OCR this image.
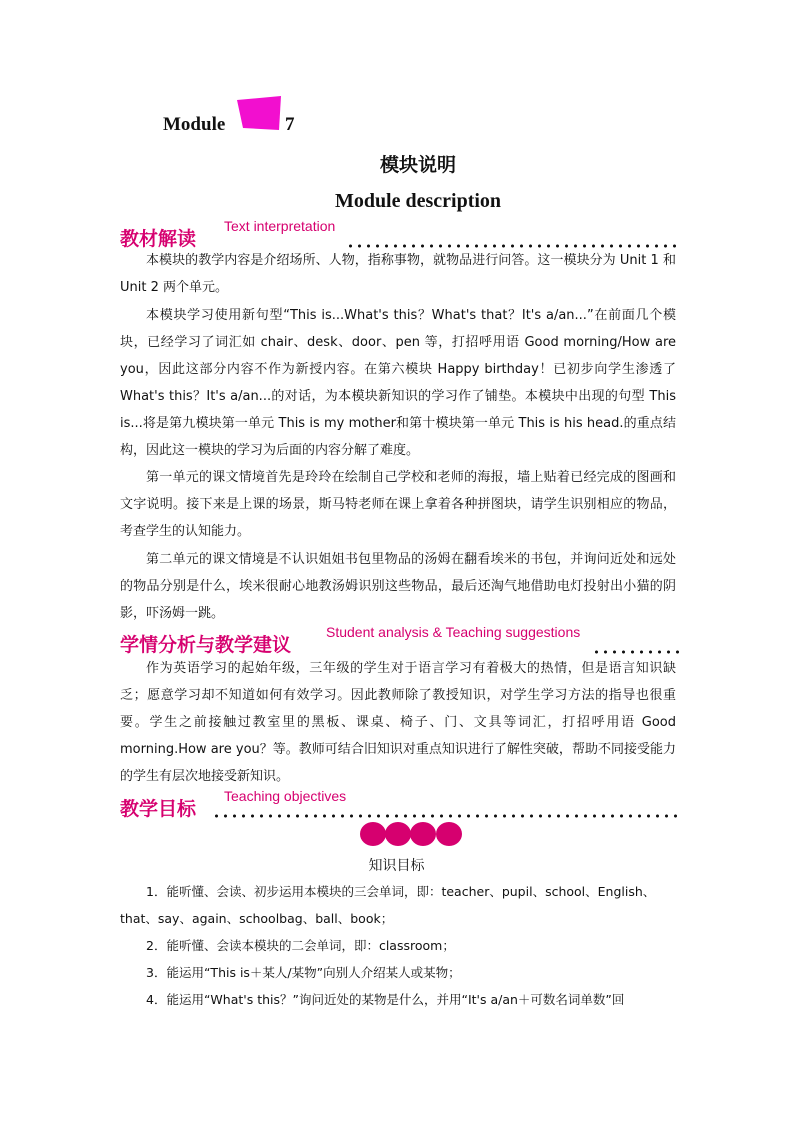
Module	7
模块说明
Module description
教材解读
Text interpretation
本模块的教学内容是介绍场所、人物，指称事物，就物品进行问答。这一模块分为 Unit 1 和 Unit 2 两个单元。
本模块学习使用新句型“This is...What's this？What's that？It's a/an...”在前面几个模块，已经学习了词汇如 chair、desk、door、pen 等，打招呼用语 Good morning/How are you，因此这部分内容不作为新授内容。在第六模块 Happy birthday！已初步向学生渗透了 What's this？It's a/an...的对话，为本模块新知识的学习作了铺垫。本模块中出现的句型 This is...将是第九模块第一单元 This is my mother和第十模块第一单元 This is his head.的重点结构，因此这一模块的学习为后面的内容分解了难度。
第一单元的课文情境首先是玲玲在绘制自己学校和老师的海报，墙上贴着已经完成的图画和文字说明。接下来是上课的场景，斯马特老师在课上拿着各种拼图块，请学生识别相应的物品，考查学生的认知能力。
第二单元的课文情境是不认识姐姐书包里物品的汤姆在翻看埃米的书包，并询问近处和远处的物品分别是什么，埃米很耐心地教汤姆识别这些物品，最后还淘气地借助电灯投射出小猫的阴影，吓汤姆一跳。
学情分析与教学建议
Student analysis & Teaching suggestions
作为英语学习的起始年级，三年级的学生对于语言学习有着极大的热情，但是语言知识缺乏；愿意学习却不知道如何有效学习。因此教师除了教授知识，对学生学习方法的指导也很重要。学生之前接触过教室里的黑板、课桌、椅子、门、文具等词汇，打招呼用语 Good morning.How are you？等。教师可结合旧知识对重点知识进行了解性突破，帮助不同接受能力的学生有层次地接受新知识。
教学目标
Teaching objectives
知识目标
1．能听懂、会读、初步运用本模块的三会单词，即：teacher、pupil、school、English、that、say、again、schoolbag、ball、book；
2．能听懂、会读本模块的二会单词，即：classroom；
3．能运用“This is＋某人/某物”向别人介绍某人或某物；
4．能运用“What's this？”询问近处的某物是什么，并用“It's a/an＋可数名词单数”回
